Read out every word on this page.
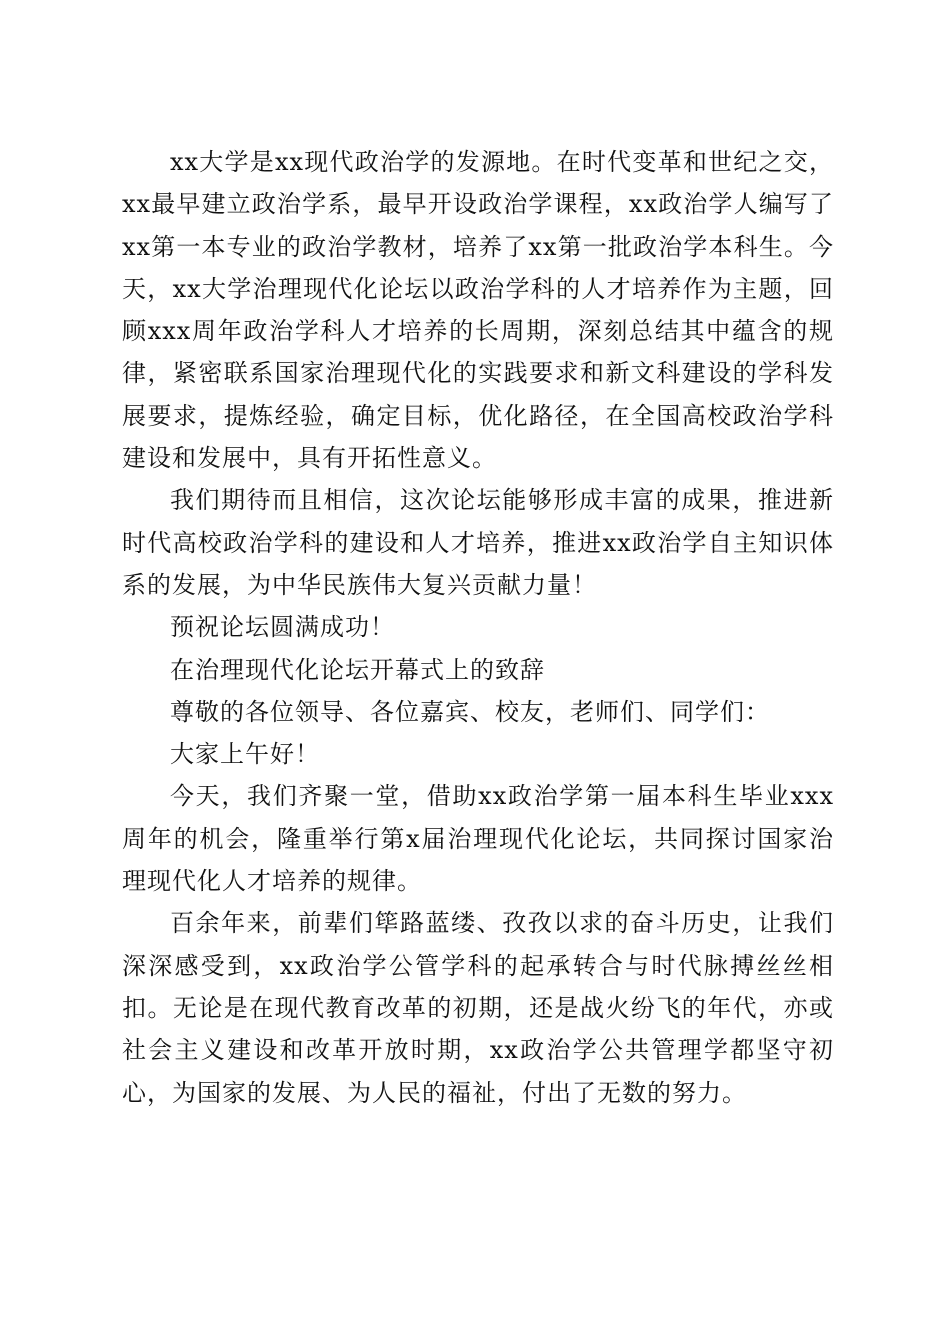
xx大学是xx现代政治学的发源地。在时代变革和世纪之交，xx最早建立政治学系，最早开设政治学课程，xx政治学人编写了xx第一本专业的政治学教材，培养了xx第一批政治学本科生。今天，xx大学治理现代化论坛以政治学科的人才培养作为主题，回顾xxx周年政治学科人才培养的长周期，深刻总结其中蕴含的规律，紧密联系国家治理现代化的实践要求和新文科建设的学科发展要求，提炼经验，确定目标，优化路径，在全国高校政治学科建设和发展中，具有开拓性意义。

我们期待而且相信，这次论坛能够形成丰富的成果，推进新时代高校政治学科的建设和人才培养，推进xx政治学自主知识体系的发展，为中华民族伟大复兴贡献力量！

预祝论坛圆满成功！

在治理现代化论坛开幕式上的致辞

尊敬的各位领导、各位嘉宾、校友，老师们、同学们：

大家上午好！

今天，我们齐聚一堂，借助xx政治学第一届本科生毕业xxx周年的机会，隆重举行第x届治理现代化论坛，共同探讨国家治理现代化人才培养的规律。

百余年来，前辈们筚路蓝缕、孜孜以求的奋斗历史，让我们深深感受到，xx政治学公管学科的起承转合与时代脉搏丝丝相扣。无论是在现代教育改革的初期，还是战火纷飞的年代，亦或社会主义建设和改革开放时期，xx政治学公共管理学都坚守初心，为国家的发展、为人民的福祉，付出了无数的努力。
